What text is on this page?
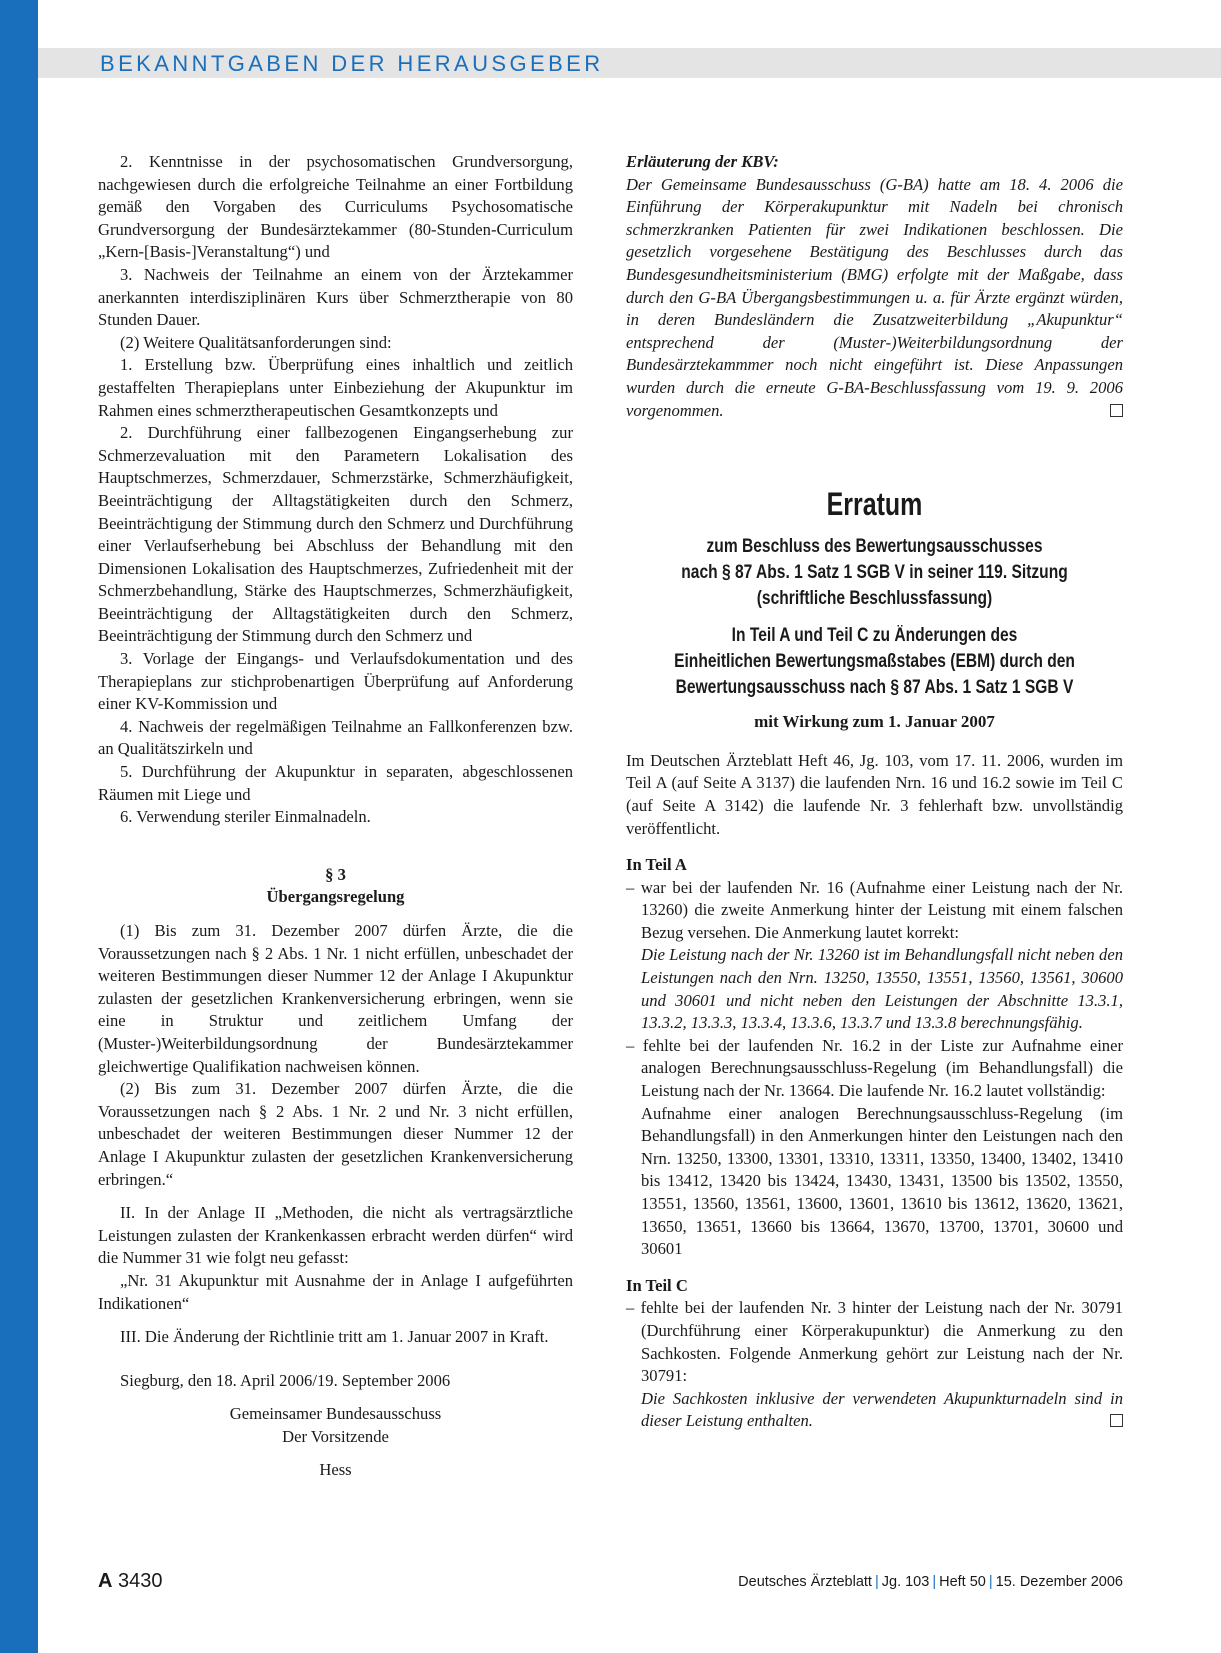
BEKANNTGABEN DER HERAUSGEBER

2. Kenntnisse in der psychosomatischen Grundversorgung, nachgewiesen durch die erfolgreiche Teilnahme an einer Fortbildung gemäß den Vorgaben des Curriculums Psychosomatische Grundversorgung der Bundesärztekammer (80-Stunden-Curriculum „Kern-[Basis-]Veranstaltung“) und

3. Nachweis der Teilnahme an einem von der Ärztekammer anerkannten interdisziplinären Kurs über Schmerztherapie von 80 Stunden Dauer.

(2) Weitere Qualitätsanforderungen sind:

1. Erstellung bzw. Überprüfung eines inhaltlich und zeitlich gestaffelten Therapieplans unter Einbeziehung der Akupunktur im Rahmen eines schmerztherapeutischen Gesamtkonzepts und

2. Durchführung einer fallbezogenen Eingangserhebung zur Schmerzevaluation mit den Parametern Lokalisation des Hauptschmerzes, Schmerzdauer, Schmerzstärke, Schmerzhäufigkeit, Beeinträchtigung der Alltagstätigkeiten durch den Schmerz, Beeinträchtigung der Stimmung durch den Schmerz und Durchführung einer Verlaufserhebung bei Abschluss der Behandlung mit den Dimensionen Lokalisation des Hauptschmerzes, Zufriedenheit mit der Schmerzbehandlung, Stärke des Hauptschmerzes, Schmerzhäufigkeit, Beeinträchtigung der Alltagstätigkeiten durch den Schmerz, Beeinträchtigung der Stimmung durch den Schmerz und

3. Vorlage der Eingangs- und Verlaufsdokumentation und des Therapieplans zur stichprobenartigen Überprüfung auf Anforderung einer KV-Kommission und

4. Nachweis der regelmäßigen Teilnahme an Fallkonferenzen bzw. an Qualitätszirkeln und

5. Durchführung der Akupunktur in separaten, abgeschlossenen Räumen mit Liege und

6. Verwendung steriler Einmalnadeln.

§ 3

Übergangsregelung

(1) Bis zum 31. Dezember 2007 dürfen Ärzte, die die Voraussetzungen nach § 2 Abs. 1 Nr. 1 nicht erfüllen, unbeschadet der weiteren Bestimmungen dieser Nummer 12 der Anlage I Akupunktur zulasten der gesetzlichen Krankenversicherung erbringen, wenn sie eine in Struktur und zeitlichem Umfang der (Muster-)Weiterbildungsordnung der Bundesärztekammer gleichwertige Qualifikation nachweisen können.

(2) Bis zum 31. Dezember 2007 dürfen Ärzte, die die Voraussetzungen nach § 2 Abs. 1 Nr. 2 und Nr. 3 nicht erfüllen, unbeschadet der weiteren Bestimmungen dieser Nummer 12 der Anlage I Akupunktur zulasten der gesetzlichen Krankenversicherung erbringen.“

II. In der Anlage II „Methoden, die nicht als vertragsärztliche Leistungen zulasten der Krankenkassen erbracht werden dürfen“ wird die Nummer 31 wie folgt neu gefasst:

„Nr. 31 Akupunktur mit Ausnahme der in Anlage I aufgeführten Indikationen“

III. Die Änderung der Richtlinie tritt am 1. Januar 2007 in Kraft.

Siegburg, den 18. April 2006/19. September 2006

Gemeinsamer Bundesausschuss

Der Vorsitzende

Hess

Erläuterung der KBV:

Der Gemeinsame Bundesausschuss (G-BA) hatte am 18. 4. 2006 die Einführung der Körperakupunktur mit Nadeln bei chronisch schmerzkranken Patienten für zwei Indikationen beschlossen. Die gesetzlich vorgesehene Bestätigung des Beschlusses durch das Bundesgesundheitsministerium (BMG) erfolgte mit der Maßgabe, dass durch den G-BA Übergangsbestimmungen u. a. für Ärzte ergänzt würden, in deren Bundesländern die Zusatzweiterbildung „Akupunktur“ entsprechend der (Muster-)Weiterbildungsordnung der Bundesärztekammmer noch nicht eingeführt ist. Diese Anpassungen wurden durch die erneute G-BA-Beschlussfassung vom 19. 9. 2006 vorgenommen.

Erratum

zum Beschluss des Bewertungsausschusses

nach § 87 Abs. 1 Satz 1 SGB V in seiner 119. Sitzung

(schriftliche Beschlussfassung)

In Teil A und Teil C zu Änderungen des

Einheitlichen Bewertungsmaßstabes (EBM) durch den

Bewertungsausschuss nach § 87 Abs. 1 Satz 1 SGB V

mit Wirkung zum 1. Januar 2007

Im Deutschen Ärzteblatt Heft 46, Jg. 103, vom 17. 11. 2006, wurden im Teil A (auf Seite A 3137) die laufenden Nrn. 16 und 16.2 sowie im Teil C (auf Seite A 3142) die laufende Nr. 3 fehlerhaft bzw. unvollständig veröffentlicht.

In Teil A

– war bei der laufenden Nr. 16 (Aufnahme einer Leistung nach der Nr. 13260) die zweite Anmerkung hinter der Leistung mit einem falschen Bezug versehen. Die Anmerkung lautet korrekt:

Die Leistung nach der Nr. 13260 ist im Behandlungsfall nicht neben den Leistungen nach den Nrn. 13250, 13550, 13551, 13560, 13561, 30600 und 30601 und nicht neben den Leistungen der Abschnitte 13.3.1, 13.3.2, 13.3.3, 13.3.4, 13.3.6, 13.3.7 und 13.3.8 berechnungsfähig.

– fehlte bei der laufenden Nr. 16.2 in der Liste zur Aufnahme einer analogen Berechnungsausschluss-Regelung (im Behandlungsfall) die Leistung nach der Nr. 13664. Die laufende Nr. 16.2 lautet vollständig:

Aufnahme einer analogen Berechnungsausschluss-Regelung (im Behandlungsfall) in den Anmerkungen hinter den Leistungen nach den Nrn. 13250, 13300, 13301, 13310, 13311, 13350, 13400, 13402, 13410 bis 13412, 13420 bis 13424, 13430, 13431, 13500 bis 13502, 13550, 13551, 13560, 13561, 13600, 13601, 13610 bis 13612, 13620, 13621, 13650, 13651, 13660 bis 13664, 13670, 13700, 13701, 30600 und 30601

In Teil C

– fehlte bei der laufenden Nr. 3 hinter der Leistung nach der Nr. 30791 (Durchführung einer Körperakupunktur) die Anmerkung zu den Sachkosten. Folgende Anmerkung gehört zur Leistung nach der Nr. 30791:

Die Sachkosten inklusive der verwendeten Akupunkturnadeln sind in dieser Leistung enthalten.

A 3430	Deutsches Ärzteblatt | Jg. 103 | Heft 50 | 15. Dezember 2006
